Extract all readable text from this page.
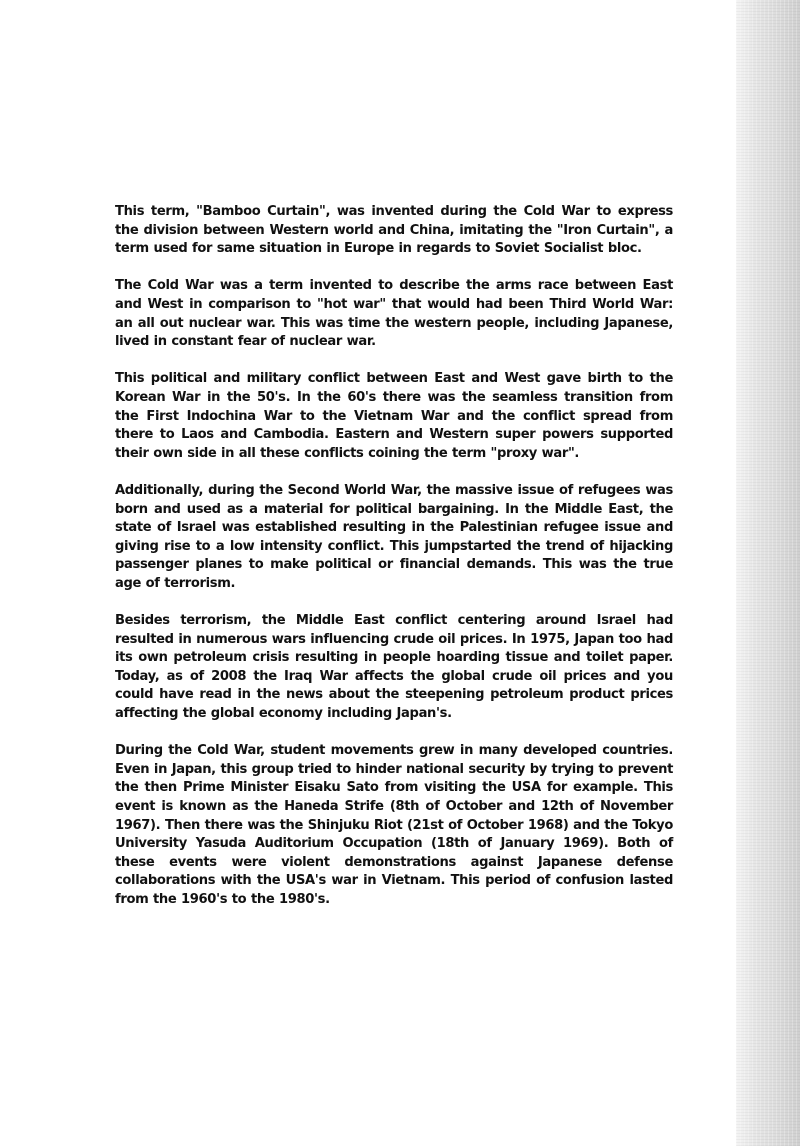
This term, "Bamboo Curtain", was invented during the Cold War to express the division between Western world and China, imitating the "Iron Curtain", a term used for same situation in Europe in regards to Soviet Socialist bloc.

The Cold War was a term invented to describe the arms race between East and West in comparison to "hot war" that would had been Third World War: an all out nuclear war. This was time the western people, including Japanese, lived in constant fear of nuclear war.

This political and military conflict between East and West gave birth to the Korean War in the 50's. In the 60's there was the seamless transition from the First Indochina War to the Vietnam War and the conflict spread from there to Laos and Cambodia. Eastern and Western super powers supported their own side in all these conflicts coining the term "proxy war".

Additionally, during the Second World War, the massive issue of refugees was born and used as a material for political bargaining. In the Middle East, the state of Israel was established resulting in the Palestinian refugee issue and giving rise to a low intensity conflict. This jumpstarted the trend of hijacking passenger planes to make political or financial demands. This was the true age of terrorism.

Besides terrorism, the Middle East conflict centering around Israel had resulted in numerous wars influencing crude oil prices. In 1975, Japan too had its own petroleum crisis resulting in people hoarding tissue and toilet paper. Today, as of 2008 the Iraq War affects the global crude oil prices and you could have read in the news about the steepening petroleum product prices affecting the global economy including Japan's.

During the Cold War, student movements grew in many developed countries. Even in Japan, this group tried to hinder national security by trying to prevent the then Prime Minister Eisaku Sato from visiting the USA for example. This event is known as the Haneda Strife (8th of October and 12th of November 1967). Then there was the Shinjuku Riot (21st of October 1968) and the Tokyo University Yasuda Auditorium Occupation (18th of January 1969). Both of these events were violent demonstrations against Japanese defense collaborations with the USA's war in Vietnam. This period of confusion lasted from the 1960's to the 1980's.
